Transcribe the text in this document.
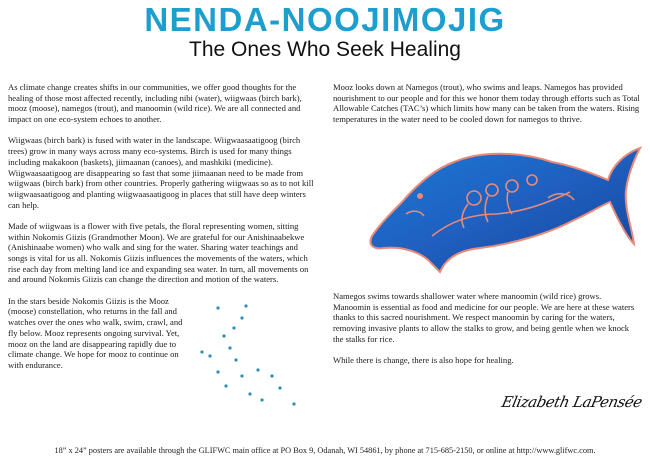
NENDA-NOOJIMOJIG
The Ones Who Seek Healing

As climate change creates shifts in our communities, we offer good thoughts for the healing of those most affected recently, including nibi (water), wiigwaas (birch bark), mooz (moose), namegos (trout), and manoomin (wild rice). We are all connected and impact on one eco-system echoes to another.

Wiigwaas (birch bark) is fused with water in the landscape. Wiigwaasaatigoog (birch trees) grow in many ways across many eco-systems. Birch is used for many things including makakoon (baskets), jiimaanan (canoes), and mashkiki (medicine). Wiigwaasaatigoog are disappearing so fast that some jiimaanan need to be made from wiigwaas (birch bark) from other countries. Properly gathering wiigwaas so as to not kill wiigwaasaatigoog and planting wiigwaasaatigoog in places that still have deep winters can help.

Made of wiigwaas is a flower with five petals, the floral representing women, sitting within Nokomis Giizis (Grandmother Moon). We are grateful for our Anishinaabekwe (Anishinaabe women) who walk and sing for the water. Sharing water teachings and songs is vital for us all. Nokomis Giizis influences the movements of the waters, which rise each day from melting land ice and expanding sea water. In turn, all movements on and around Nokomis Giizis can change the direction and motion of the waters.

In the stars beside Nokomis Giizis is the Mooz (moose) constellation, who returns in the fall and watches over the ones who walk, swim, crawl, and fly below. Mooz represents ongoing survival. Yet, mooz on the land are disappearing rapidly due to climate change. We hope for mooz to continue on with endurance.

Mooz looks down at Namegos (trout), who swims and leaps. Namegos has provided nourishment to our people and for this we honor them today through efforts such as Total Allowable Catches (TAC’s) which limits how many can be taken from the waters. Rising temperatures in the water need to be cooled down for namegos to thrive.

Namegos swims towards shallower water where manoomin (wild rice) grows. Manoomin is essential as food and medicine for our people. We are here at these waters thanks to this sacred nourishment. We respect manoomin by caring for the waters, removing invasive plants to allow the stalks to grow, and being gentle when we knock the stalks for rice.

While there is change, there is also hope for healing.

Elizabeth LaPensée
18” x 24” posters are available through the GLIFWC main office at PO Box 9, Odanah, WI 54861, by phone at 715-685-2150, or online at http://www.glifwc.com.
